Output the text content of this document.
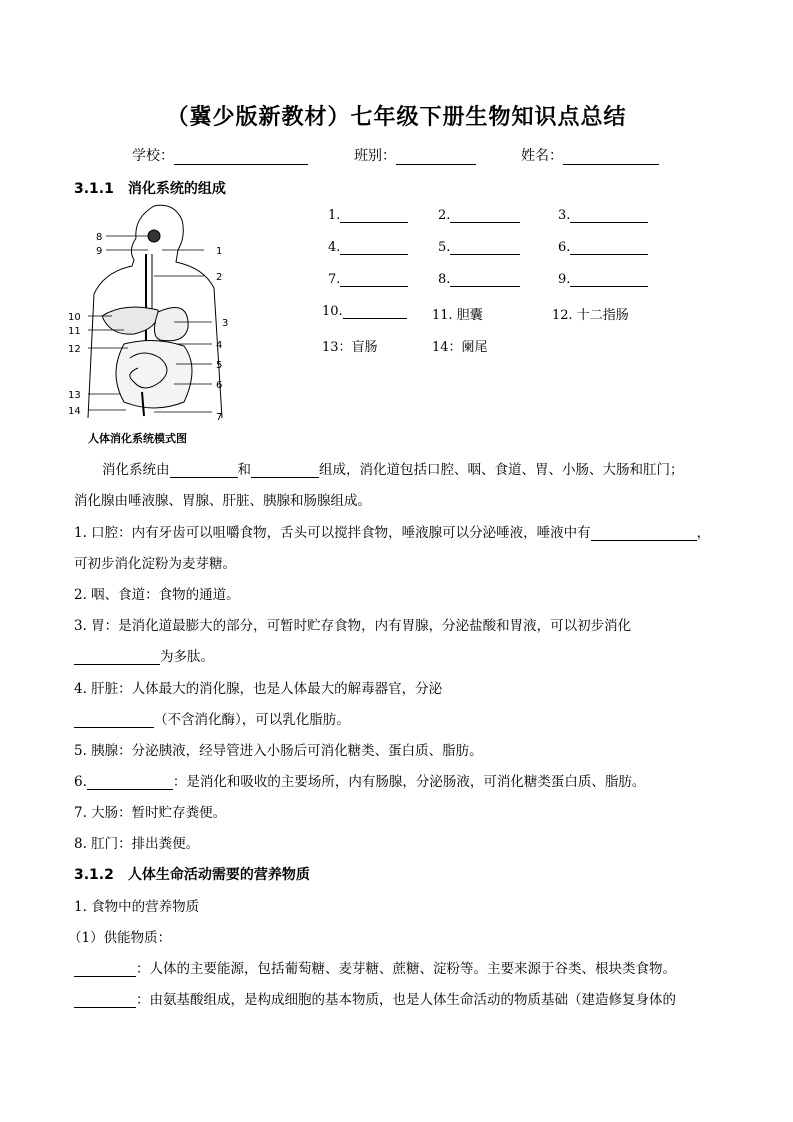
（冀少版新教材）七年级下册生物知识点总结
学校：	班别：	姓名：
3.1.1　消化系统的组成
1
2
3
4
5
6
7
8
9
10
11
12
13
14
人体消化系统模式图
1.	2.	3.
4.	5.	6.
7.	8.	9.
10.	11. 胆囊	12. 十二指肠
13：盲肠	14：阑尾
消化系统由	和	组成，消化道包括口腔、咽、食道、胃、小肠、大肠和肛门；
消化腺由唾液腺、胃腺、肝脏、胰腺和肠腺组成。
1. 口腔：内有牙齿可以咀嚼食物，舌头可以搅拌食物，唾液腺可以分泌唾液，唾液中有	，
可初步消化淀粉为麦芽糖。
2. 咽、食道：食物的通道。
3. 胃：是消化道最膨大的部分，可暂时贮存食物，内有胃腺，分泌盐酸和胃液，可以初步消化
为多肽。
4. 肝脏：人体最大的消化腺，也是人体最大的解毒器官，分泌
（不含消化酶），可以乳化脂肪。
5. 胰腺：分泌胰液，经导管进入小肠后可消化糖类、蛋白质、脂肪。
6.	：是消化和吸收的主要场所，内有肠腺，分泌肠液，可消化糖类蛋白质、脂肪。
7. 大肠：暂时贮存粪便。
8. 肛门：排出粪便。
3.1.2　人体生命活动需要的营养物质
1. 食物中的营养物质
（1）供能物质：
：人体的主要能源，包括葡萄糖、麦芽糖、蔗糖、淀粉等。主要来源于谷类、根块类食物。
：由氨基酸组成，是构成细胞的基本物质，也是人体生命活动的物质基础（建造修复身体的
